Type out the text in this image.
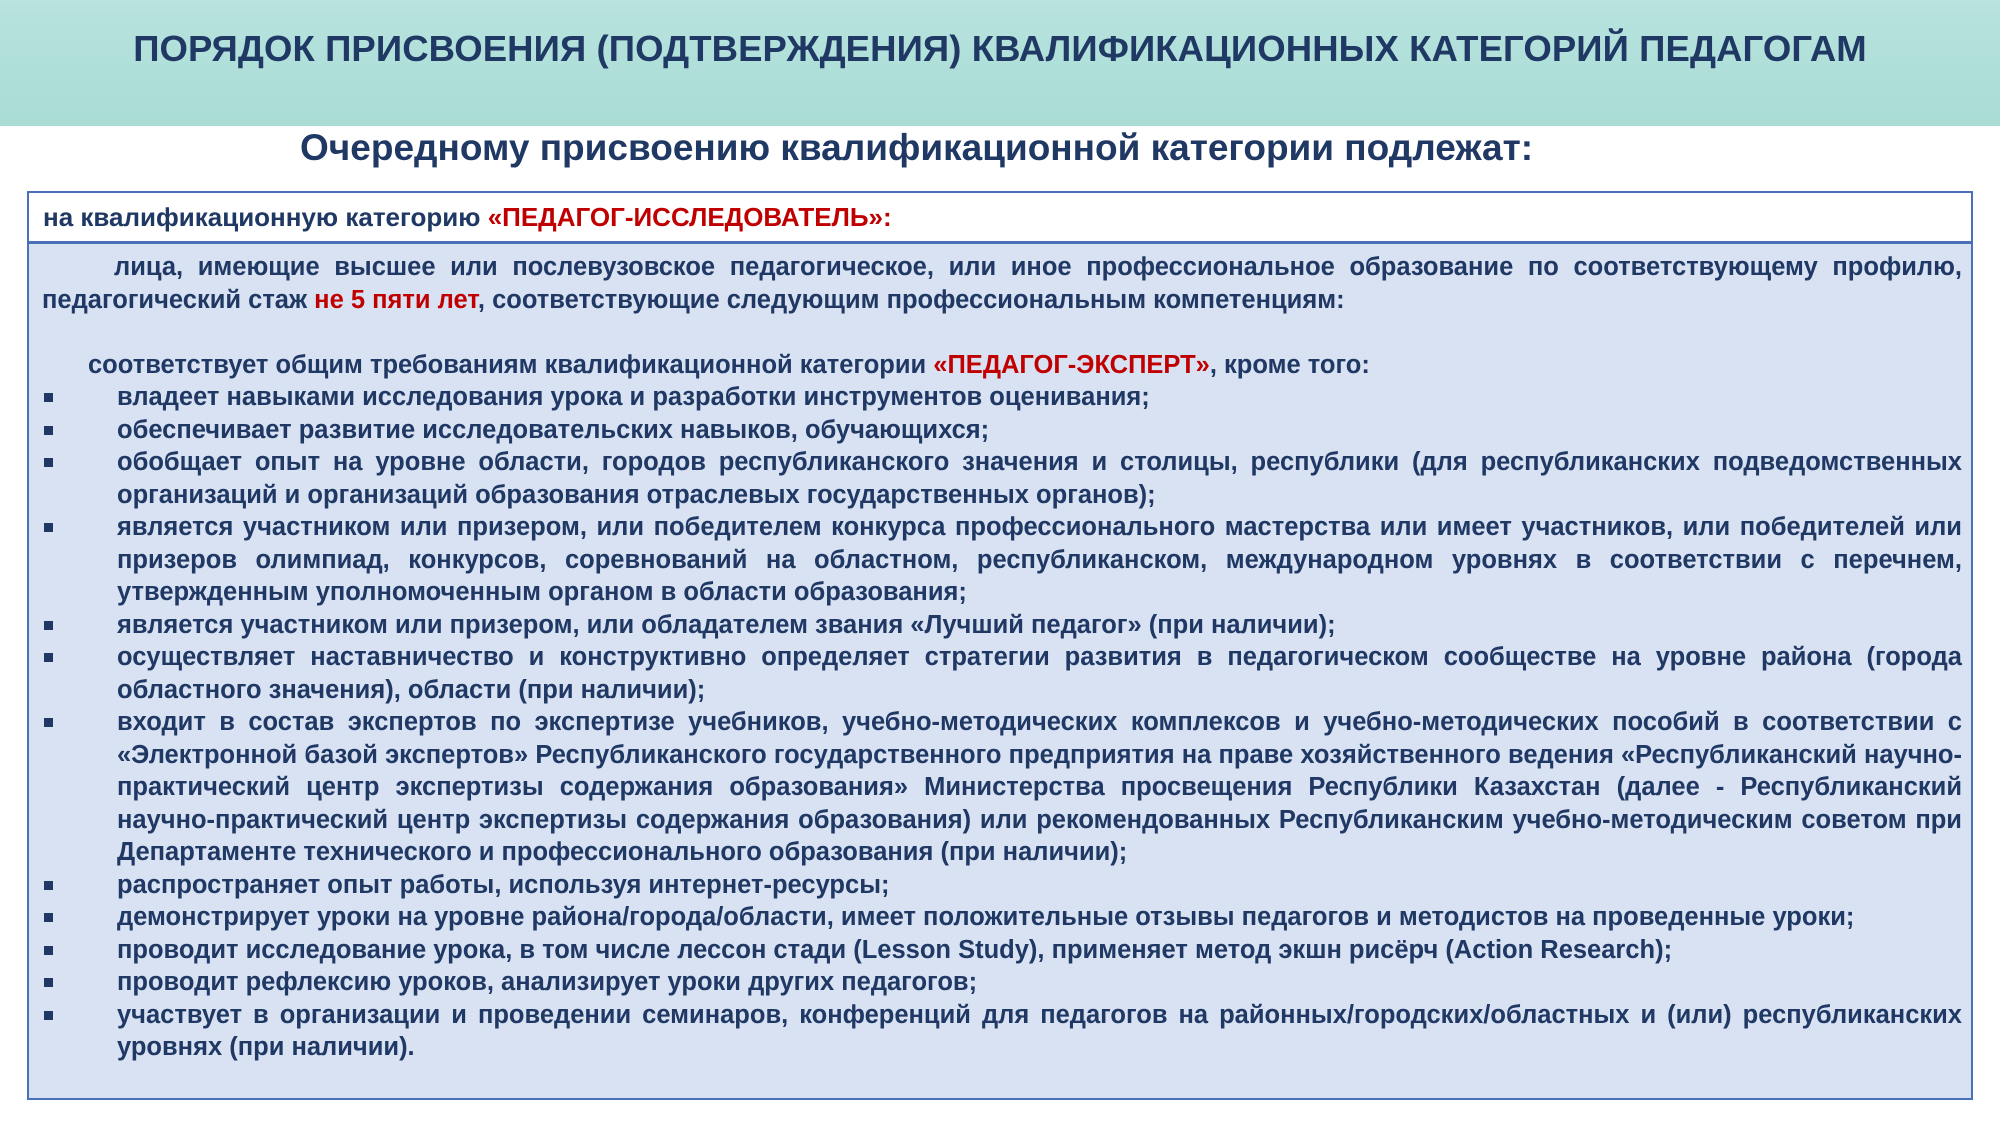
ПОРЯДОК ПРИСВОЕНИЯ (ПОДТВЕРЖДЕНИЯ) КВАЛИФИКАЦИОННЫХ КАТЕГОРИЙ ПЕДАГОГАМ
Очередному присвоению квалификационной категории подлежат:
на квалификационную категорию «ПЕДАГОГ-ИССЛЕДОВАТЕЛЬ»:

лица, имеющие высшее или послевузовское педагогическое, или иное профессиональное образование по соответствующему профилю, педагогический стаж не 5 пяти лет, соответствующие следующим профессиональным компетенциям:

соответствует общим требованиям квалификационной категории «ПЕДАГОГ-ЭКСПЕРТ», кроме того:

владеет навыками исследования урока и разработки инструментов оценивания;
обеспечивает развитие исследовательских навыков, обучающихся;
обобщает опыт на уровне области, городов республиканского значения и столицы, республики (для республиканских подведомственных организаций и организаций образования отраслевых государственных органов);
является участником или призером, или победителем конкурса профессионального мастерства или имеет участников, или победителей или призеров олимпиад, конкурсов, соревнований на областном, республиканском, международном уровнях в соответствии с перечнем, утвержденным уполномоченным органом в области образования;
является участником или призером, или обладателем звания «Лучший педагог» (при наличии);
осуществляет наставничество и конструктивно определяет стратегии развития в педагогическом сообществе на уровне района (города областного значения), области (при наличии);
входит в состав экспертов по экспертизе учебников, учебно-методических комплексов и учебно-методических пособий в соответствии с «Электронной базой экспертов» Республиканского государственного предприятия на праве хозяйственного ведения «Республиканский научно-практический центр экспертизы содержания образования» Министерства просвещения Республики Казахстан (далее - Республиканский научно-практический центр экспертизы содержания образования) или рекомендованных Республиканским учебно-методическим советом при Департаменте технического и профессионального образования (при наличии);
распространяет опыт работы, используя интернет-ресурсы;
демонстрирует уроки на уровне района/города/области, имеет положительные отзывы педагогов и методистов на проведенные уроки;
проводит исследование урока, в том числе лессон стади (Lesson Study), применяет метод экшн рисёрч (Action Research);
проводит рефлексию уроков, анализирует уроки других педагогов;
участвует в организации и проведении семинаров, конференций для педагогов на районных/городских/областных и (или) республиканских уровнях (при наличии).
